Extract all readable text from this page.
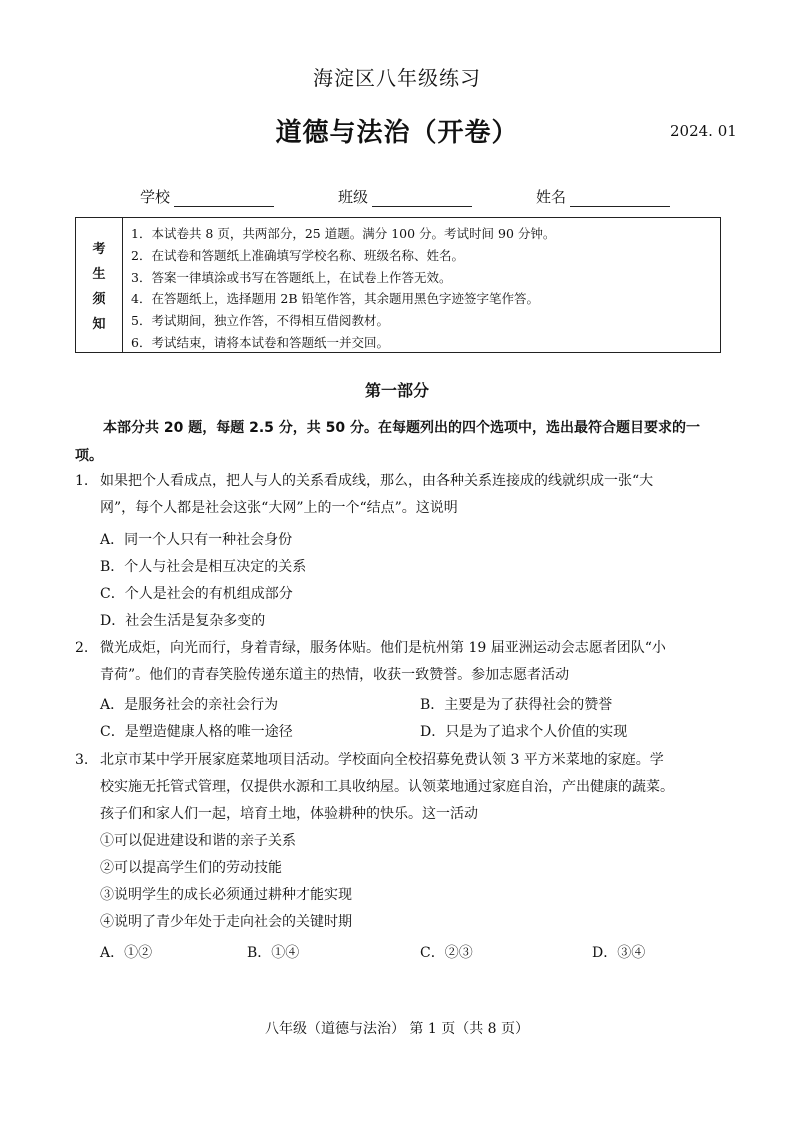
海淀区八年级练习
道德与法治（开卷）	2024. 01
学校	班级	姓名
考
生
须
知
1．本试卷共 8 页，共两部分，25 道题。满分 100 分。考试时间 90 分钟。
2．在试卷和答题纸上准确填写学校名称、班级名称、姓名。
3．答案一律填涂或书写在答题纸上，在试卷上作答无效。
4．在答题纸上，选择题用 2B 铅笔作答，其余题用黑色字迹签字笔作答。
5．考试期间，独立作答，不得相互借阅教材。
6．考试结束，请将本试卷和答题纸一并交回。
第一部分
本部分共 20 题，每题 2.5 分，共 50 分。在每题列出的四个选项中，选出最符合题目要求的一项。
1. 如果把个人看成点，把人与人的关系看成线，那么，由各种关系连接成的线就织成一张“大
网”，每个人都是社会这张“大网”上的一个“结点”。这说明
A．同一个人只有一种社会身份
B．个人与社会是相互决定的关系
C．个人是社会的有机组成部分
D．社会生活是复杂多变的
2. 微光成炬，向光而行，身着青绿，服务体贴。他们是杭州第 19 届亚洲运动会志愿者团队“小
青荷”。他们的青春笑脸传递东道主的热情，收获一致赞誉。参加志愿者活动
A．是服务社会的亲社会行为	B．主要是为了获得社会的赞誉
C．是塑造健康人格的唯一途径	D．只是为了追求个人价值的实现
3. 北京市某中学开展家庭菜地项目活动。学校面向全校招募免费认领 3 平方米菜地的家庭。学
校实施无托管式管理，仅提供水源和工具收纳屋。认领菜地通过家庭自治，产出健康的蔬菜。
孩子们和家人们一起，培育土地，体验耕种的快乐。这一活动
①可以促进建设和谐的亲子关系
②可以提高学生们的劳动技能
③说明学生的成长必须通过耕种才能实现
④说明了青少年处于走向社会的关键时期
A．①②	B．①④	C．②③	D．③④
八年级（道德与法治） 第 1 页（共 8 页）
